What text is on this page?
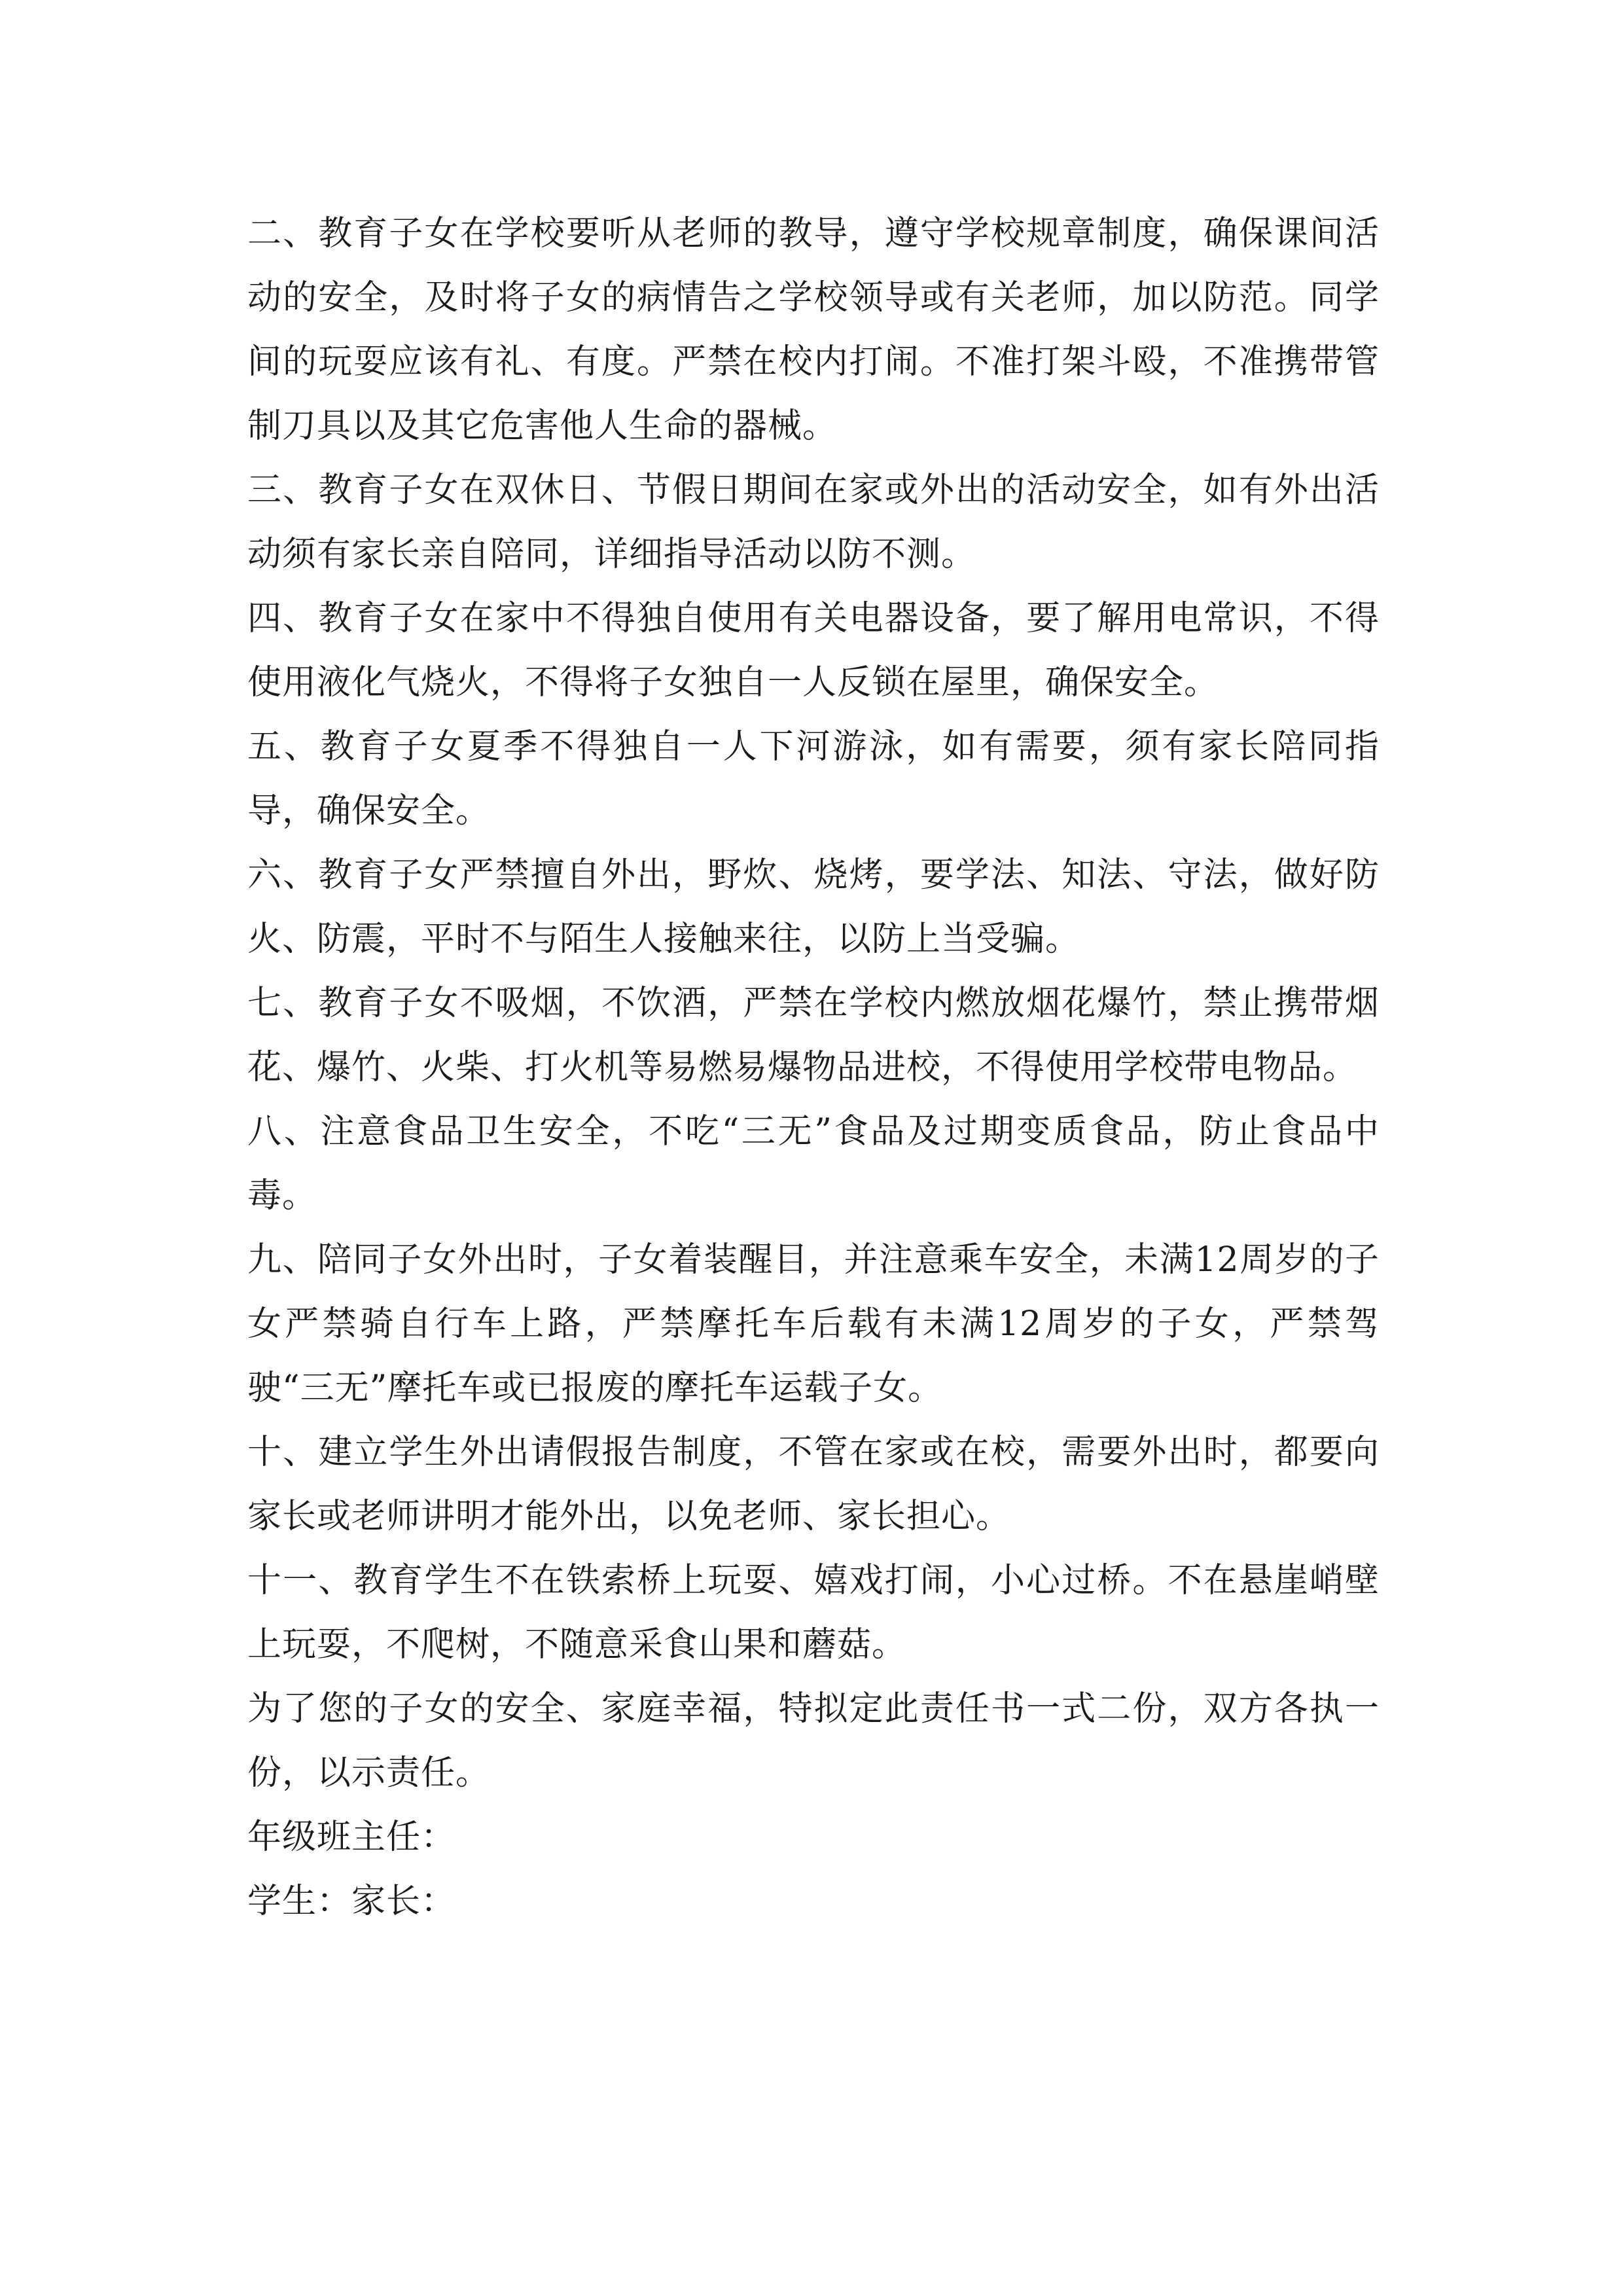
二、教育子女在学校要听从老师的教导，遵守学校规章制度，确保课间活动的安全，及时将子女的病情告之学校领导或有关老师，加以防范。同学间的玩耍应该有礼、有度。严禁在校内打闹。不准打架斗殴，不准携带管制刀具以及其它危害他人生命的器械。

三、教育子女在双休日、节假日期间在家或外出的活动安全，如有外出活动须有家长亲自陪同，详细指导活动以防不测。

四、教育子女在家中不得独自使用有关电器设备，要了解用电常识，不得使用液化气烧火，不得将子女独自一人反锁在屋里，确保安全。

五、教育子女夏季不得独自一人下河游泳，如有需要，须有家长陪同指导，确保安全。

六、教育子女严禁擅自外出，野炊、烧烤，要学法、知法、守法，做好防火、防震，平时不与陌生人接触来往，以防上当受骗。

七、教育子女不吸烟，不饮酒，严禁在学校内燃放烟花爆竹，禁止携带烟花、爆竹、火柴、打火机等易燃易爆物品进校，不得使用学校带电物品。

八、注意食品卫生安全，不吃“三无”食品及过期变质食品，防止食品中毒。

九、陪同子女外出时，子女着装醒目，并注意乘车安全，未满12周岁的子女严禁骑自行车上路，严禁摩托车后载有未满12周岁的子女，严禁驾驶“三无”摩托车或已报废的摩托车运载子女。

十、建立学生外出请假报告制度，不管在家或在校，需要外出时，都要向家长或老师讲明才能外出，以免老师、家长担心。

十一、教育学生不在铁索桥上玩耍、嬉戏打闹，小心过桥。不在悬崖峭壁上玩耍，不爬树，不随意采食山果和蘑菇。

为了您的子女的安全、家庭幸福，特拟定此责任书一式二份，双方各执一份，以示责任。

年级班主任：

学生：家长：
